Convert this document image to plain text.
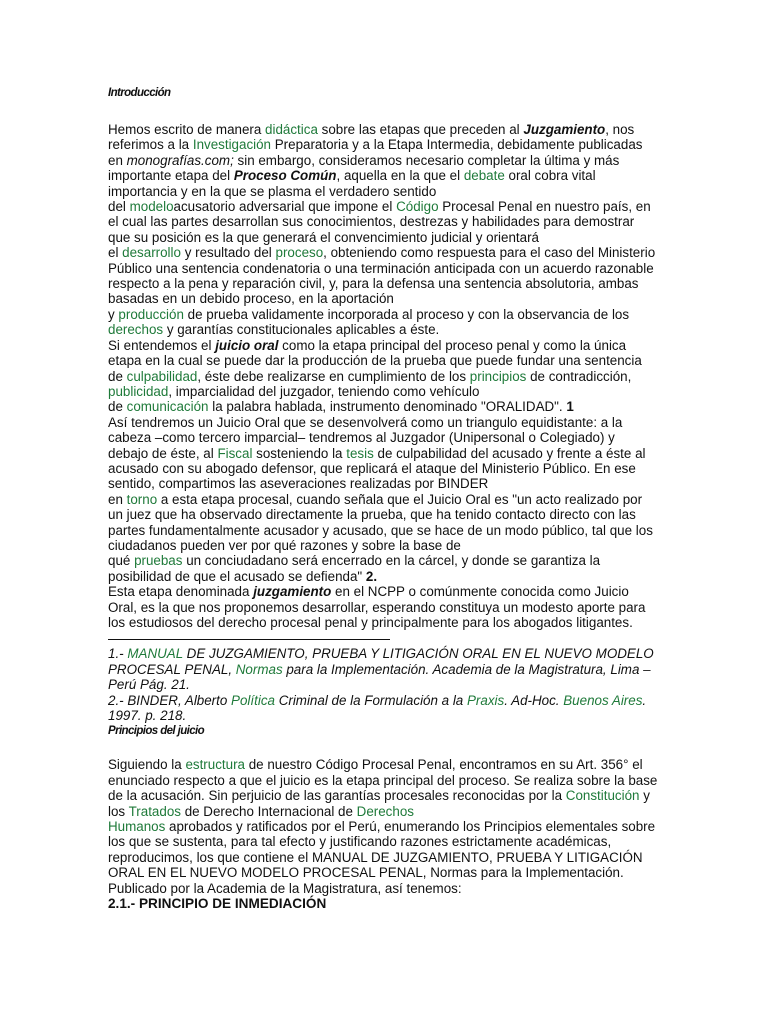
Introducción

Hemos escrito de manera didáctica sobre las etapas que preceden al Juzgamiento, nos referimos a la Investigación Preparatoria y a la Etapa Intermedia, debidamente publicadas en monografías.com; sin embargo, consideramos necesario completar la última y más importante etapa del Proceso Común, aquella en la que el debate oral cobra vital importancia y en la que se plasma el verdadero sentido
del modeloacusatorio adversarial que impone el Código Procesal Penal en nuestro país, en el cual las partes desarrollan sus conocimientos, destrezas y habilidades para demostrar que su posición es la que generará el convencimiento judicial y orientará
el desarrollo y resultado del proceso, obteniendo como respuesta para el caso del Ministerio Público una sentencia condenatoria o una terminación anticipada con un acuerdo razonable respecto a la pena y reparación civil, y, para la defensa una sentencia absolutoria, ambas basadas en un debido proceso, en la aportación
y producción de prueba validamente incorporada al proceso y con la observancia de los derechos y garantías constitucionales aplicables a éste.

Si entendemos el juicio oral como la etapa principal del proceso penal y como la única etapa en la cual se puede dar la producción de la prueba que puede fundar una sentencia de culpabilidad, éste debe realizarse en cumplimiento de los principios de contradicción, publicidad, imparcialidad del juzgador, teniendo como vehículo
de comunicación la palabra hablada, instrumento denominado "ORALIDAD". 1

Así tendremos un Juicio Oral que se desenvolverá como un triangulo equidistante: a la cabeza –como tercero imparcial– tendremos al Juzgador (Unipersonal o Colegiado) y debajo de éste, al Fiscal sosteniendo la tesis de culpabilidad del acusado y frente a éste al acusado con su abogado defensor, que replicará el ataque del Ministerio Público. En ese sentido, compartimos las aseveraciones realizadas por BINDER
en torno a esta etapa procesal, cuando señala que el Juicio Oral es "un acto realizado por un juez que ha observado directamente la prueba, que ha tenido contacto directo con las partes fundamentalmente acusador y acusado, que se hace de un modo público, tal que los ciudadanos pueden ver por qué razones y sobre la base de
qué pruebas un conciudadano será encerrado en la cárcel, y donde se garantiza la posibilidad de que el acusado se defienda" 2.

Esta etapa denominada juzgamiento en el NCPP o comúnmente conocida como Juicio Oral, es la que nos proponemos desarrollar, esperando constituya un modesto aporte para los estudiosos del derecho procesal penal y principalmente para los abogados litigantes.

1.- MANUAL DE JUZGAMIENTO, PRUEBA Y LITIGACIÓN ORAL EN EL NUEVO MODELO PROCESAL PENAL, Normas para la Implementación. Academia de la Magistratura, Lima –Perú Pág. 21.

2.- BINDER, Alberto Política Criminal de la Formulación a la Praxis. Ad-Hoc. Buenos Aires. 1997. p. 218.

Principios del juicio

Siguiendo la estructura de nuestro Código Procesal Penal, encontramos en su Art. 356° el enunciado respecto a que el juicio es la etapa principal del proceso. Se realiza sobre la base de la acusación. Sin perjuicio de las garantías procesales reconocidas por la Constitución y los Tratados de Derecho Internacional de Derechos
Humanos aprobados y ratificados por el Perú, enumerando los Principios elementales sobre los que se sustenta, para tal efecto y justificando razones estrictamente académicas, reproducimos, los que contiene el MANUAL DE JUZGAMIENTO, PRUEBA Y LITIGACIÓN ORAL EN EL NUEVO MODELO PROCESAL PENAL, Normas para la Implementación. Publicado por la Academia de la Magistratura, así tenemos:

2.1.- PRINCIPIO DE INMEDIACIÓN
